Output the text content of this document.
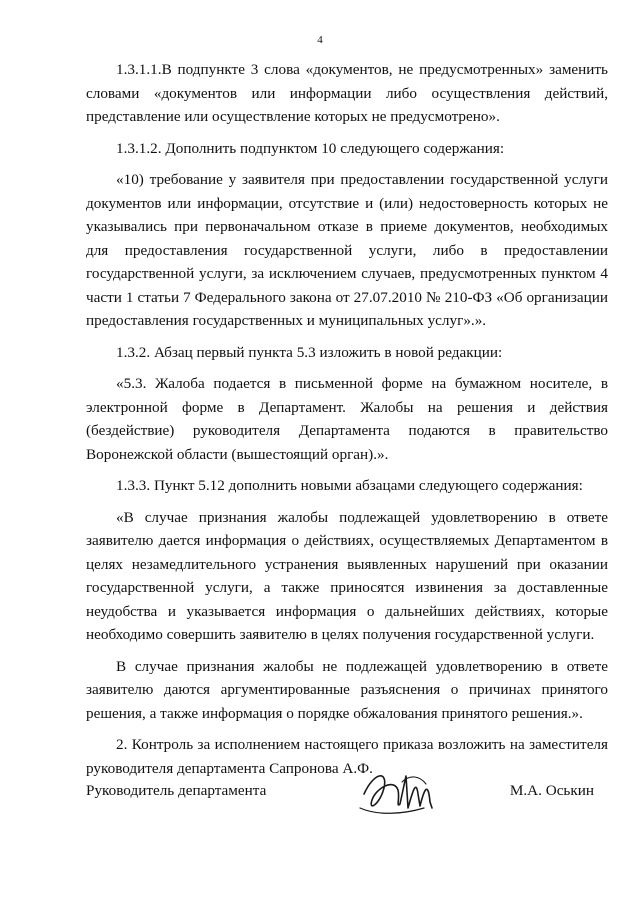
4

1.3.1.1.В подпункте 3 слова «документов, не предусмотренных» заменить словами «документов или информации либо осуществления действий, представление или осуществление которых не предусмотрено».

1.3.1.2. Дополнить подпунктом 10 следующего содержания:

«10) требование у заявителя при предоставлении государственной услуги документов или информации, отсутствие и (или) недостоверность которых не указывались при первоначальном отказе в приеме документов, необходимых для предоставления государственной услуги, либо в предоставлении государственной услуги, за исключением случаев, предусмотренных пунктом 4 части 1 статьи 7 Федерального закона от 27.07.2010 № 210-ФЗ «Об организации предоставления государственных и муниципальных услуг».».

1.3.2. Абзац первый пункта 5.3 изложить в новой редакции:

«5.3. Жалоба подается в письменной форме на бумажном носителе, в электронной форме в Департамент. Жалобы на решения и действия (бездействие) руководителя Департамента подаются в правительство Воронежской области (вышестоящий орган).».

1.3.3. Пункт 5.12 дополнить новыми абзацами следующего содержания:

«В случае признания жалобы подлежащей удовлетворению в ответе заявителю дается информация о действиях, осуществляемых Департаментом в целях незамедлительного устранения выявленных нарушений при оказании государственной услуги, а также приносятся извинения за доставленные неудобства и указывается информация о дальнейших действиях, которые необходимо совершить заявителю в целях получения государственной услуги.

В случае признания жалобы не подлежащей удовлетворению в ответе заявителю даются аргументированные разъяснения о причинах принятого решения, а также информация о порядке обжалования принятого решения.».

2. Контроль за исполнением настоящего приказа возложить на заместителя руководителя департамента Сапронова А.Ф.

Руководитель департамента	М.А. Оськин
